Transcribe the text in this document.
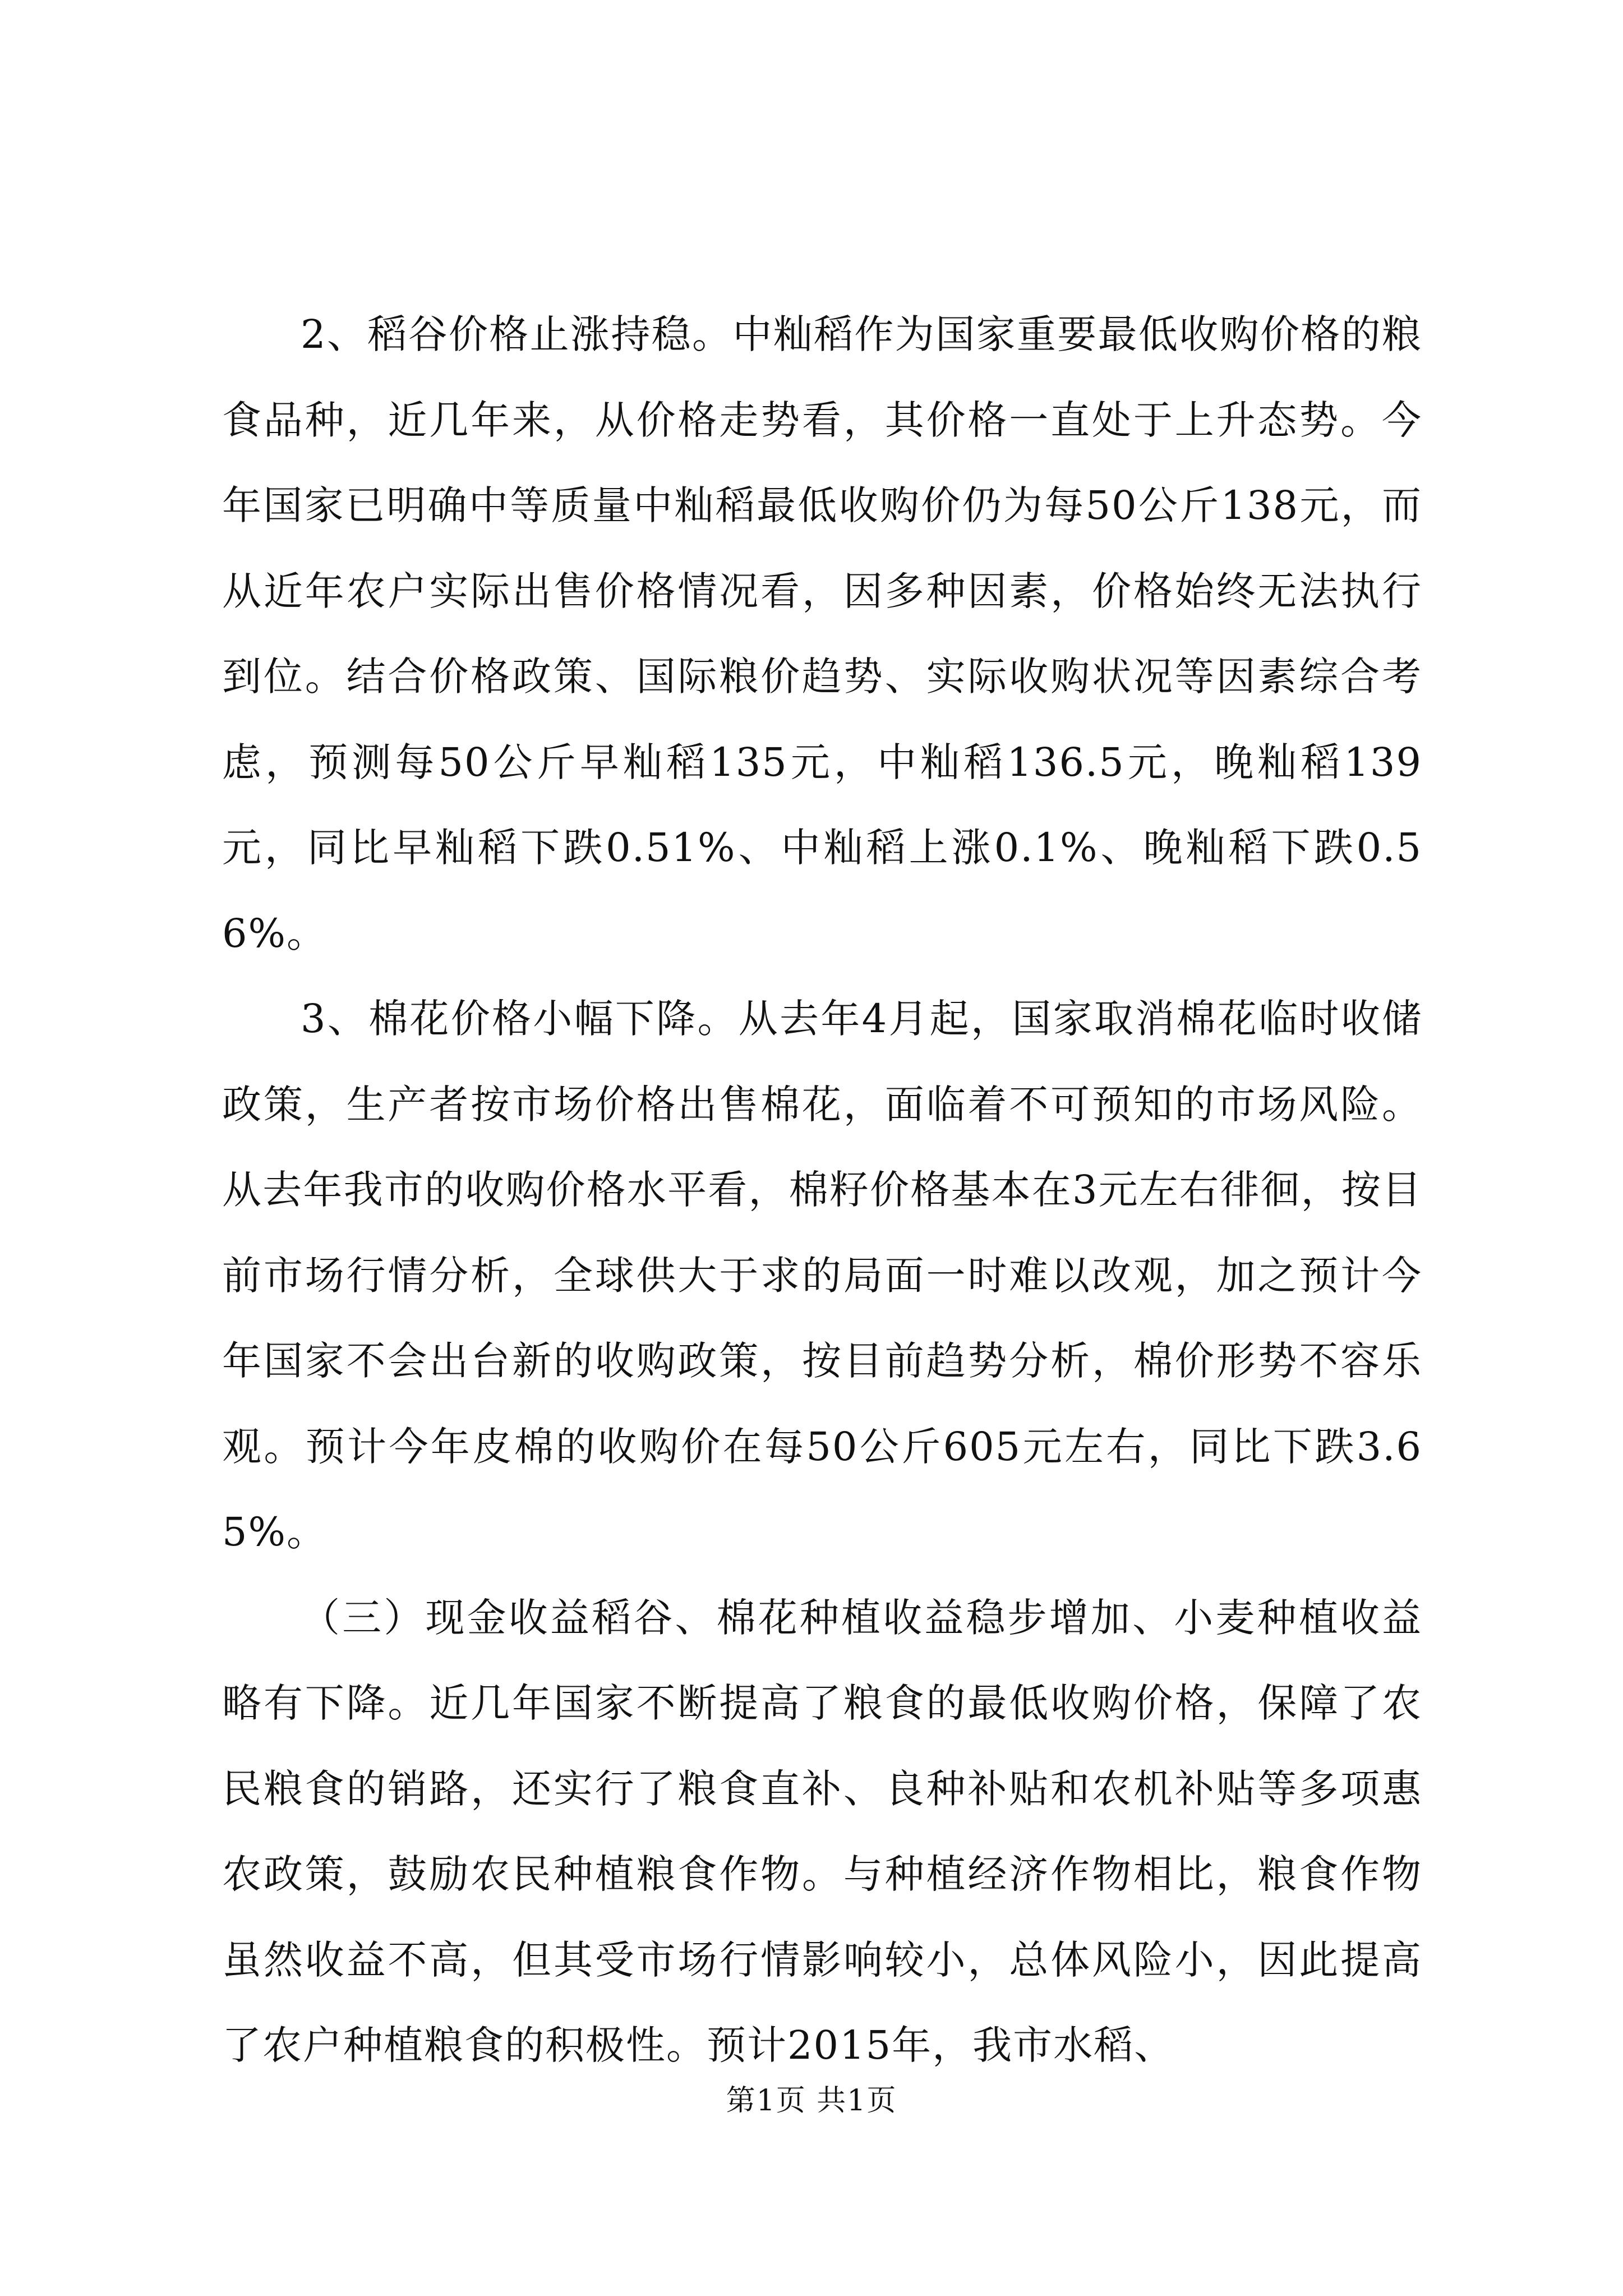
2、稻谷价格止涨持稳。中籼稻作为国家重要最低收购价格的粮食品种，近几年来，从价格走势看，其价格一直处于上升态势。今年国家已明确中等质量中籼稻最低收购价仍为每50公斤138元，而从近年农户实际出售价格情况看，因多种因素，价格始终无法执行到位。结合价格政策、国际粮价趋势、实际收购状况等因素综合考虑，预测每50公斤早籼稻135元，中籼稻136.5元，晚籼稻139元，同比早籼稻下跌0.51%、中籼稻上涨0.1%、晚籼稻下跌0.56%。

3、棉花价格小幅下降。从去年4月起，国家取消棉花临时收储政策，生产者按市场价格出售棉花，面临着不可预知的市场风险。从去年我市的收购价格水平看，棉籽价格基本在3元左右徘徊，按目前市场行情分析，全球供大于求的局面一时难以改观，加之预计今年国家不会出台新的收购政策，按目前趋势分析，棉价形势不容乐观。预计今年皮棉的收购价在每50公斤605元左右，同比下跌3.65%。

（三）现金收益稻谷、棉花种植收益稳步增加、小麦种植收益略有下降。近几年国家不断提高了粮食的最低收购价格，保障了农民粮食的销路，还实行了粮食直补、良种补贴和农机补贴等多项惠农政策，鼓励农民种植粮食作物。与种植经济作物相比，粮食作物虽然收益不高，但其受市场行情影响较小，总体风险小，因此提高了农户种植粮食的积极性。预计2015年，我市水稻、

第1页 共1页
